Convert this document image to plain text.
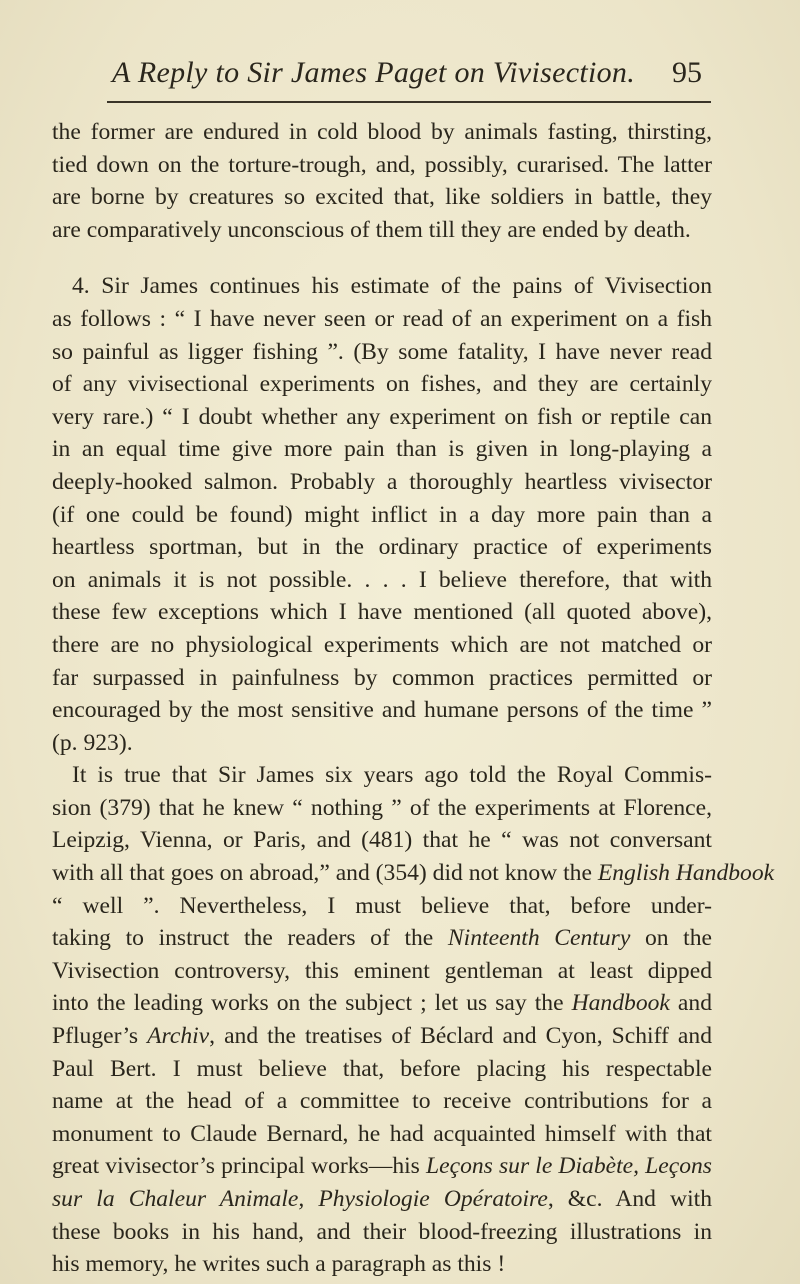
A Reply to Sir James Paget on Vivisection. 95
the former are endured in cold blood by animals fasting, thirsting,
tied down on the torture-trough, and, possibly, curarised. The latter
are borne by creatures so excited that, like soldiers in battle, they
are comparatively unconscious of them till they are ended by death.
4. Sir James continues his estimate of the pains of Vivisection
as follows : “ I have never seen or read of an experiment on a fish
so painful as ligger fishing ”. (By some fatality, I have never read
of any vivisectional experiments on fishes, and they are certainly
very rare.) “ I doubt whether any experiment on fish or reptile can
in an equal time give more pain than is given in long-playing a
deeply-hooked salmon. Probably a thoroughly heartless vivisector
(if one could be found) might inflict in a day more pain than a
heartless sportman, but in the ordinary practice of experiments
on animals it is not possible. . . . I believe therefore, that with
these few exceptions which I have mentioned (all quoted above),
there are no physiological experiments which are not matched or
far surpassed in painfulness by common practices permitted or
encouraged by the most sensitive and humane persons of the time ”
(p. 923).
It is true that Sir James six years ago told the Royal Commis-
sion (379) that he knew “ nothing ” of the experiments at Florence,
Leipzig, Vienna, or Paris, and (481) that he “ was not conversant
with all that goes on abroad,” and (354) did not know the English Handbook
“ well ”. Nevertheless, I must believe that, before under-
taking to instruct the readers of the Ninteenth Century on the
Vivisection controversy, this eminent gentleman at least dipped
into the leading works on the subject ; let us say the Handbook and
Pfluger’s Archiv, and the treatises of Béclard and Cyon, Schiff and
Paul Bert. I must believe that, before placing his respectable
name at the head of a committee to receive contributions for a
monument to Claude Bernard, he had acquainted himself with that
great vivisector’s principal works—his Leçons sur le Diabète, Leçons
sur la Chaleur Animale, Physiologie Opératoire, &c. And with
these books in his hand, and their blood-freezing illustrations in
his memory, he writes such a paragraph as this !
